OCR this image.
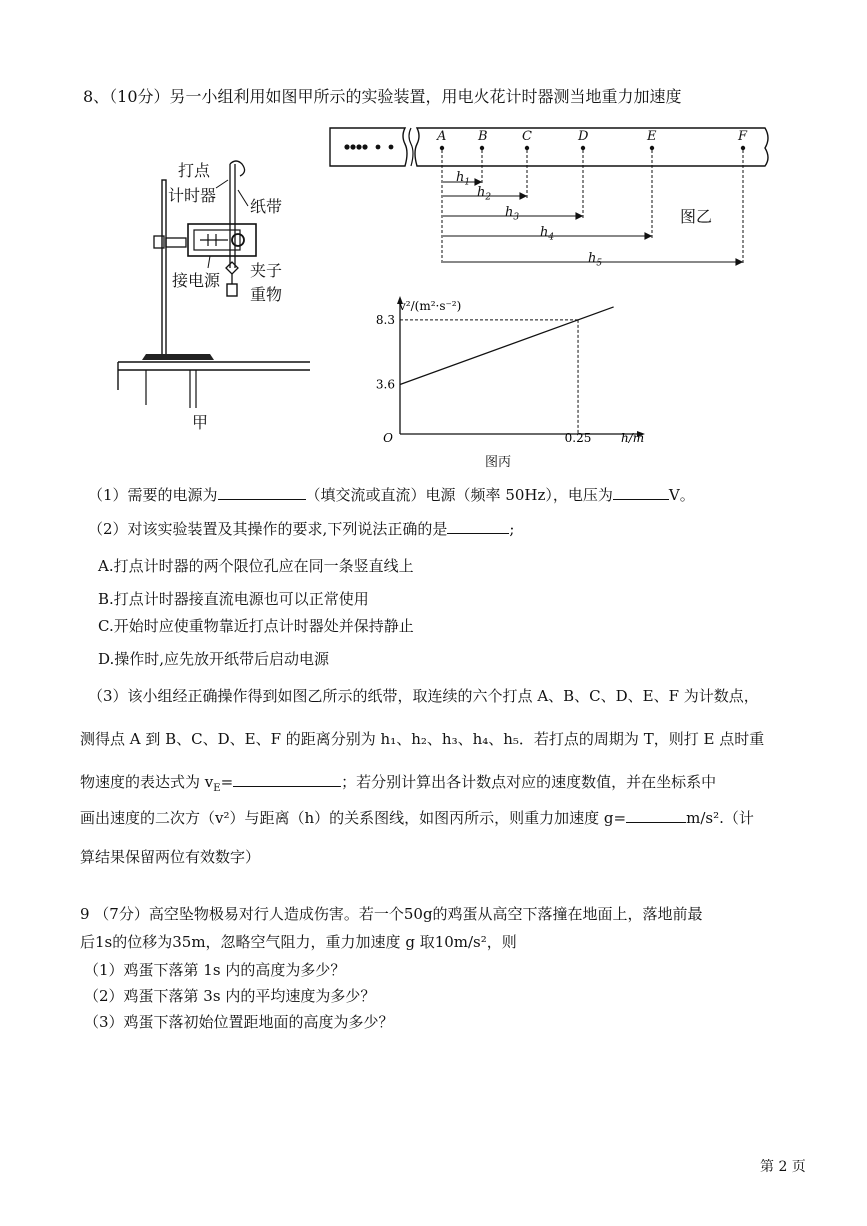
8、（10分）另一小组利用如图甲所示的实验装置，用电火花计时器测当地重力加速度
打点
计时器
纸带
接电源
夹子
重物
甲
A B	C	D	E	F
$h_1$
$h_2$
$h_3$
$h_4$
$h_5$
图乙
v²/(m²·s⁻²)
h/m
O
8.3
3.6
0.25
图丙
（1）需要的电源为	（填交流或直流）电源（频率 50Hz），电压为	V。
（2）对该实验装置及其操作的要求,下列说法正确的是	;
A.打点计时器的两个限位孔应在同一条竖直线上
B.打点计时器接直流电源也可以正常使用
C.开始时应使重物靠近打点计时器处并保持静止
D.操作时,应先放开纸带后启动电源
（3）该小组经正确操作得到如图乙所示的纸带，取连续的六个打点 A、B、C、D、E、F 为计数点，
测得点 A 到 B、C、D、E、F 的距离分别为 h₁、h₂、h₃、h₄、h₅．若打点的周期为 T，则打 E 点时重
物速度的表达式为 $v_E=$	；若分别计算出各计数点对应的速度数值，并在坐标系中
画出速度的二次方（v²）与距离（h）的关系图线，如图丙所示，则重力加速度 g=	m/s².（计
算结果保留两位有效数字）
9 （7分）高空坠物极易对行人造成伤害。若一个50g的鸡蛋从高空下落撞在地面上，落地前最
后1s的位移为35m，忽略空气阻力，重力加速度 g 取10m/s²，则
（1）鸡蛋下落第 1s 内的高度为多少？
（2）鸡蛋下落第 3s 内的平均速度为多少？
（3）鸡蛋下落初始位置距地面的高度为多少？
第 2 页
